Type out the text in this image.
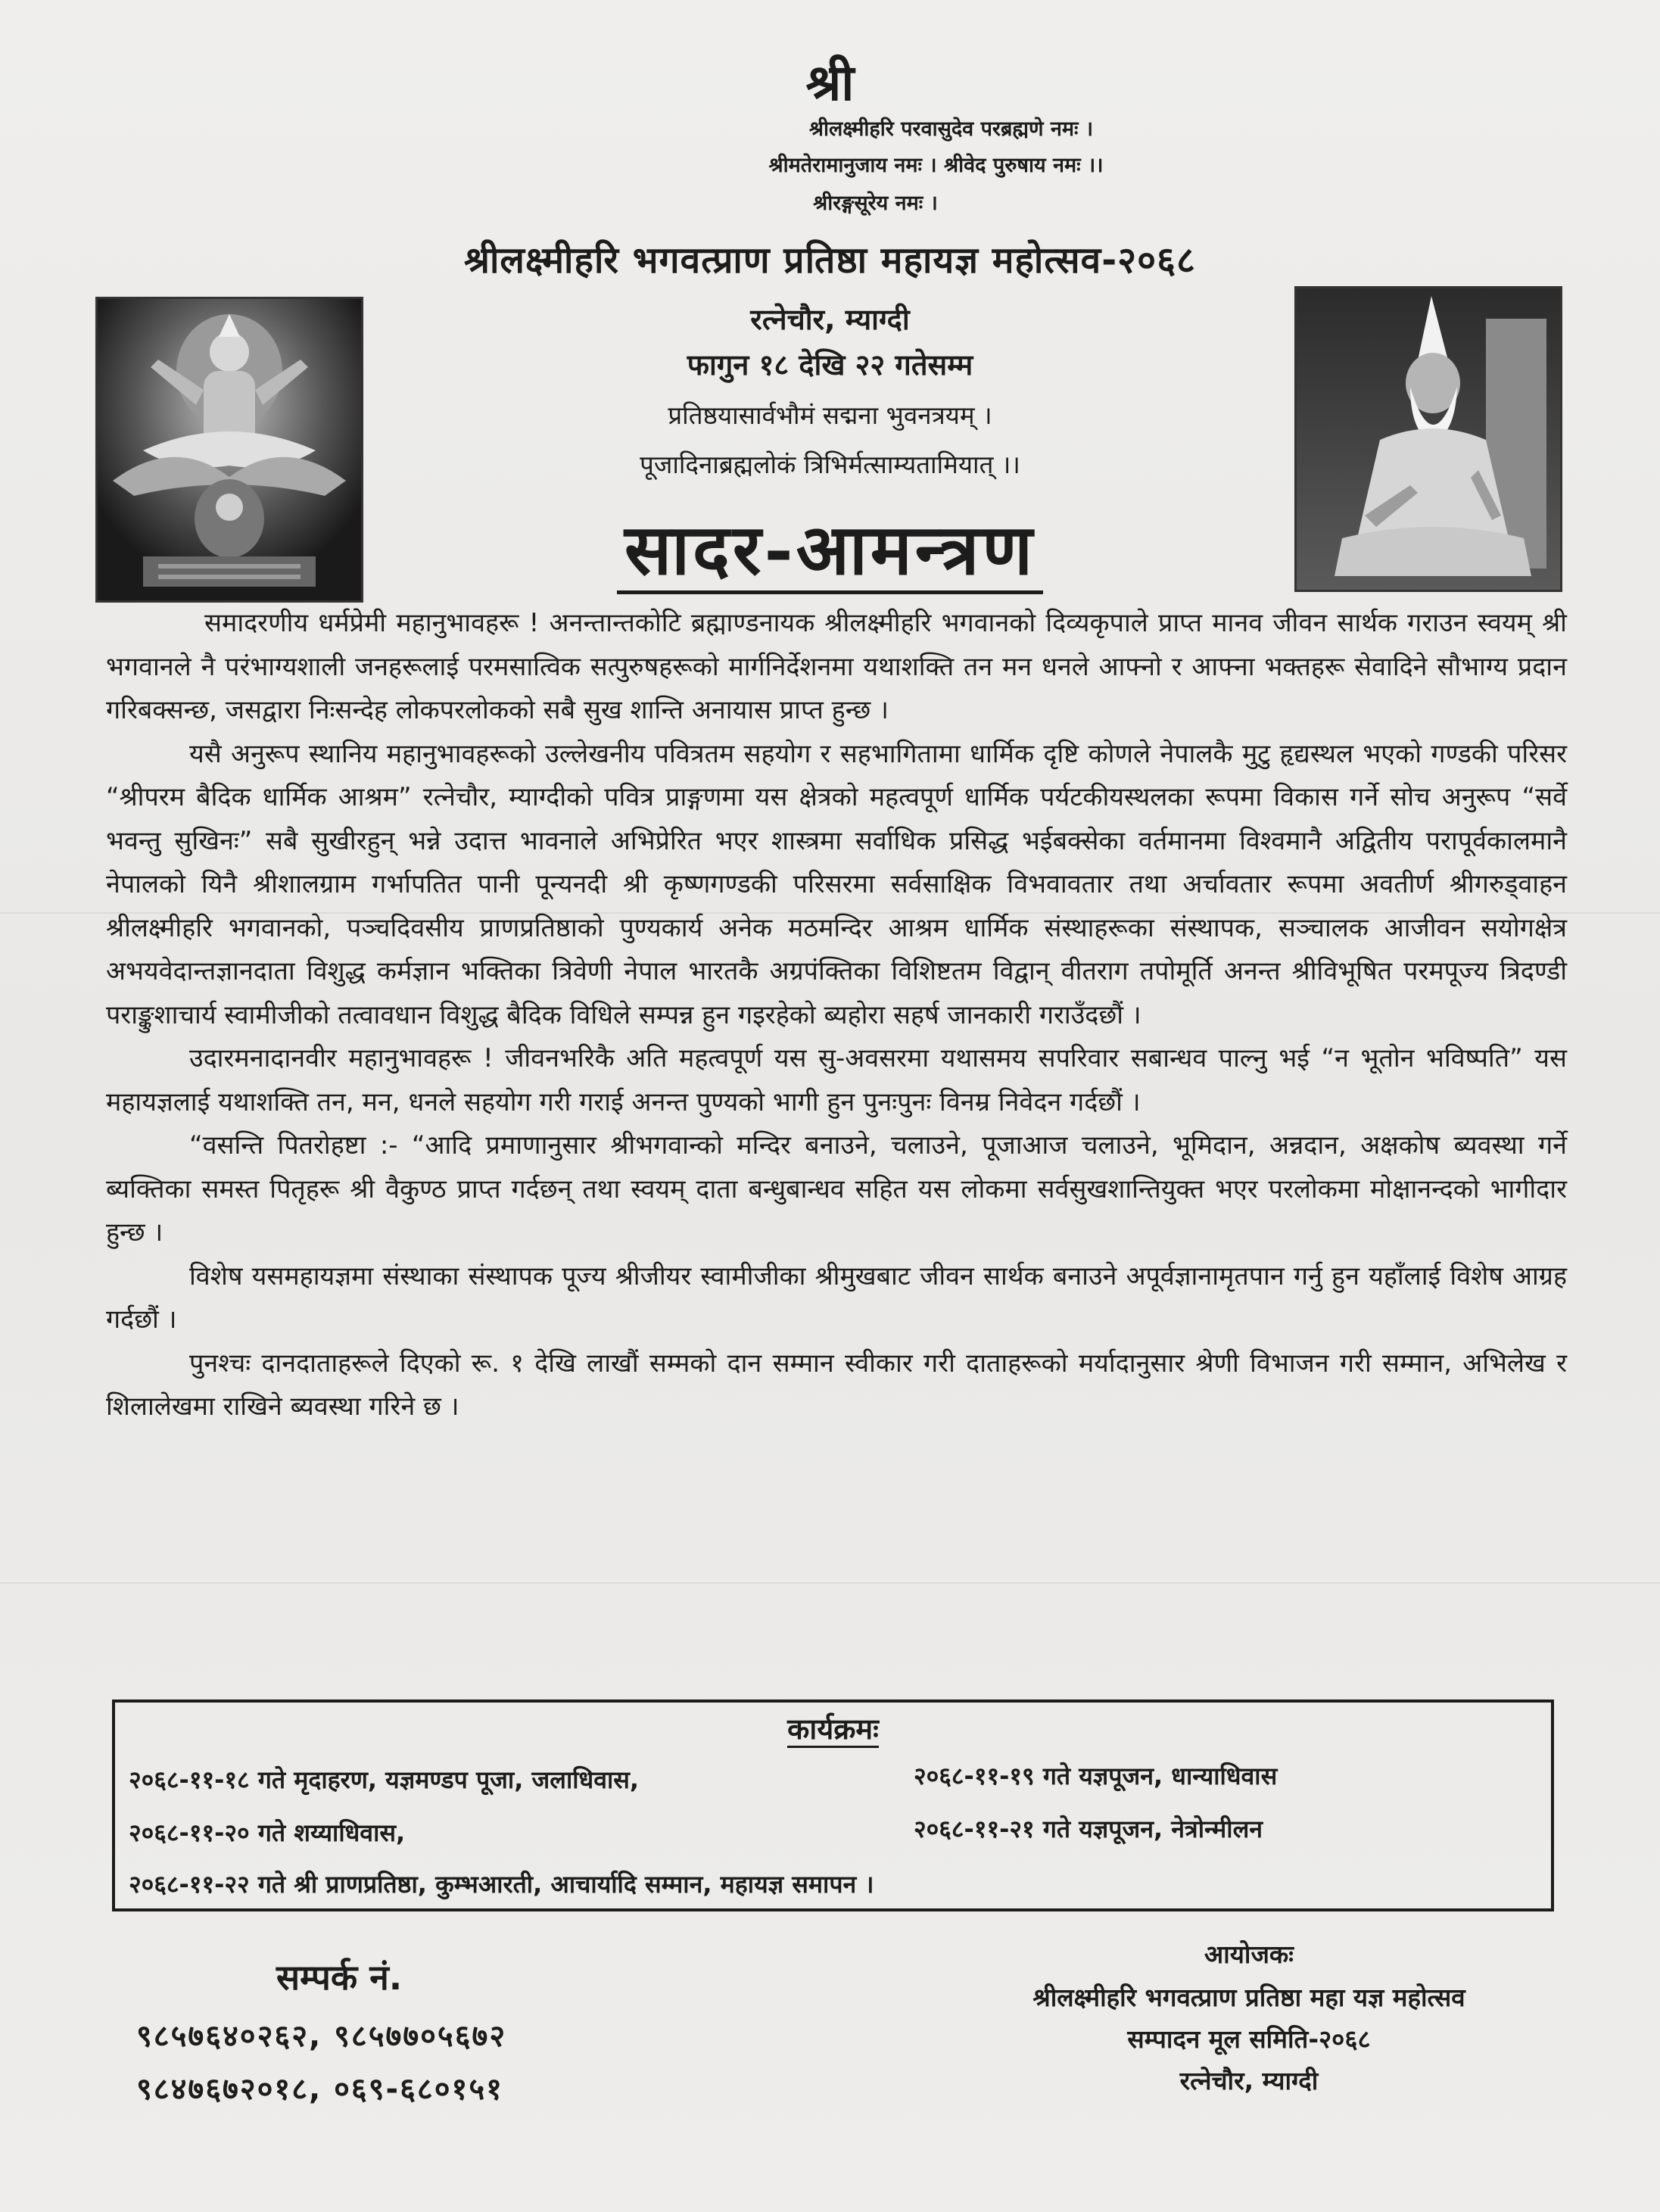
श्री
श्रीलक्ष्मीहरि परवासुदेव परब्रह्मणे नमः ।
श्रीमतेरामानुजाय नमः । श्रीवेद पुरुषाय नमः ।।
श्रीरङ्गसूरेय नमः ।
श्रीलक्ष्मीहरि भगवत्प्राण प्रतिष्ठा महायज्ञ महोत्सव-२०६८
रत्नेचौर, म्याग्दी
फागुन १८ देखि २२ गतेसम्म
प्रतिष्ठयासार्वभौमं सद्मना भुवनत्रयम् ।
पूजादिनाब्रह्मलोकं त्रिभिर्मत्साम्यतामियात् ।।
सादर-आमन्त्रण

समादरणीय धर्मप्रेमी महानुभावहरू ! अनन्तान्तकोटि ब्रह्माण्डनायक श्रीलक्ष्मीहरि भगवानको दिव्यकृपाले प्राप्त मानव जीवन सार्थक गराउन स्वयम् श्री भगवानले नै परंभाग्यशाली जनहरूलाई परमसात्विक सत्पुरुषहरूको मार्गनिर्देशनमा यथाशक्ति तन मन धनले आफ्नो र आफ्ना भक्तहरू सेवादिने सौभाग्य प्रदान गरिबक्सन्छ, जसद्वारा निःसन्देह लोकपरलोकको सबै सुख शान्ति अनायास प्राप्त हुन्छ ।

यसै अनुरूप स्थानिय महानुभावहरूको उल्लेखनीय पवित्रतम सहयोग र सहभागितामा धार्मिक दृष्टि कोणले नेपालकै मुटु हृद्यस्थल भएको गण्डकी परिसर “श्रीपरम बैदिक धार्मिक आश्रम” रत्नेचौर, म्याग्दीको पवित्र प्राङ्गणमा यस क्षेत्रको महत्वपूर्ण धार्मिक पर्यटकीयस्थलका रूपमा विकास गर्ने सोच अनुरूप “सर्वे भवन्तु सुखिनः” सबै सुखीरहुन् भन्ने उदात्त भावनाले अभिप्रेरित भएर शास्त्रमा सर्वाधिक प्रसिद्ध भईबक्सेका वर्तमानमा विश्वमानै अद्वितीय परापूर्वकालमानै नेपालको यिनै श्रीशालग्राम गर्भापतित पानी पून्यनदी श्री कृष्णगण्डकी परिसरमा सर्वसाक्षिक विभवावतार तथा अर्चावतार रूपमा अवतीर्ण श्रीगरुड्वाहन श्रीलक्ष्मीहरि भगवानको, पञ्चदिवसीय प्राणप्रतिष्ठाको पुण्यकार्य अनेक मठमन्दिर आश्रम धार्मिक संस्थाहरूका संस्थापक, सञ्चालक आजीवन सयोगक्षेत्र अभयवेदान्तज्ञानदाता विशुद्ध कर्मज्ञान भक्तिका त्रिवेणी नेपाल भारतकै अग्रपंक्तिका विशिष्टतम विद्वान् वीतराग तपोमूर्ति अनन्त श्रीविभूषित परमपूज्य त्रिदण्डी पराङ्कुशाचार्य स्वामीजीको तत्वावधान विशुद्ध बैदिक विधिले सम्पन्न हुन गइरहेको ब्यहोरा सहर्ष जानकारी गराउँदछौं ।

उदारमनादानवीर महानुभावहरू ! जीवनभरिकै अति महत्वपूर्ण यस सु-अवसरमा यथासमय सपरिवार सबान्धव पाल्नु भई “न भूतोन भविष्पति” यस महायज्ञलाई यथाशक्ति तन, मन, धनले सहयोग गरी गराई अनन्त पुण्यको भागी हुन पुनःपुनः विनम्र निवेदन गर्दछौं ।

“वसन्ति पितरोहष्टा :- “आदि प्रमाणानुसार श्रीभगवान्को मन्दिर बनाउने, चलाउने, पूजाआज चलाउने, भूमिदान, अन्नदान, अक्षकोष ब्यवस्था गर्ने ब्यक्तिका समस्त पितृहरू श्री वैकुण्ठ प्राप्त गर्दछन् तथा स्वयम् दाता बन्धुबान्धव सहित यस लोकमा सर्वसुखशान्तियुक्त भएर परलोकमा मोक्षानन्दको भागीदार हुन्छ ।

विशेष यसमहायज्ञमा संस्थाका संस्थापक पूज्य श्रीजीयर स्वामीजीका श्रीमुखबाट जीवन सार्थक बनाउने अपूर्वज्ञानामृतपान गर्नु हुन यहाँलाई विशेष आग्रह गर्दछौं ।

पुनश्चः दानदाताहरूले दिएको रू. १ देखि लाखौं सम्मको दान सम्मान स्वीकार गरी दाताहरूको मर्यादानुसार श्रेणी विभाजन गरी सम्मान, अभिलेख र शिलालेखमा राखिने ब्यवस्था गरिने छ ।

कार्यक्रमः
२०६८-११-१८ गते मृदाहरण, यज्ञमण्डप पूजा, जलाधिवास,	२०६८-११-१९ गते यज्ञपूजन, धान्याधिवास
२०६८-११-२० गते शय्याधिवास,	२०६८-११-२१ गते यज्ञपूजन, नेत्रोन्मीलन
२०६८-११-२२ गते श्री प्राणप्रतिष्ठा, कुम्भआरती, आचार्यादि सम्मान, महायज्ञ समापन ।
सम्पर्क नं.
९८५७६४०२६२, ९८५७७०५६७२
९८४७६७२०१८, ०६९-६८०१५१
आयोजकः
श्रीलक्ष्मीहरि भगवत्प्राण प्रतिष्ठा महा यज्ञ महोत्सव
सम्पादन मूल समिति-२०६८
रत्नेचौर, म्याग्दी
